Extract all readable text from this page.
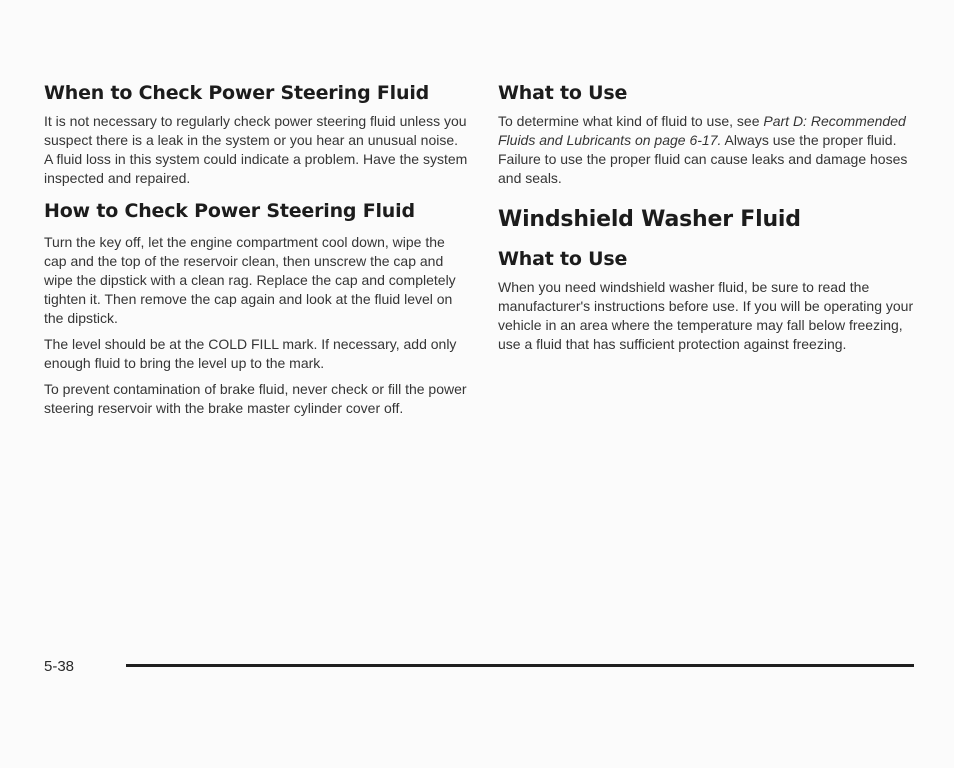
When to Check Power Steering Fluid

It is not necessary to regularly check power steering fluid unless you suspect there is a leak in the system or you hear an unusual noise. A fluid loss in this system could indicate a problem. Have the system inspected and repaired.

How to Check Power Steering Fluid

Turn the key off, let the engine compartment cool down, wipe the cap and the top of the reservoir clean, then unscrew the cap and wipe the dipstick with a clean rag. Replace the cap and completely tighten it. Then remove the cap again and look at the fluid level on the dipstick.

The level should be at the COLD FILL mark. If necessary, add only enough fluid to bring the level up to the mark.

To prevent contamination of brake fluid, never check or fill the power steering reservoir with the brake master cylinder cover off.

What to Use

To determine what kind of fluid to use, see Part D: Recommended Fluids and Lubricants on page 6-17. Always use the proper fluid. Failure to use the proper fluid can cause leaks and damage hoses and seals.

Windshield Washer Fluid
What to Use

When you need windshield washer fluid, be sure to read the manufacturer's instructions before use. If you will be operating your vehicle in an area where the temperature may fall below freezing, use a fluid that has sufficient protection against freezing.

5-38
